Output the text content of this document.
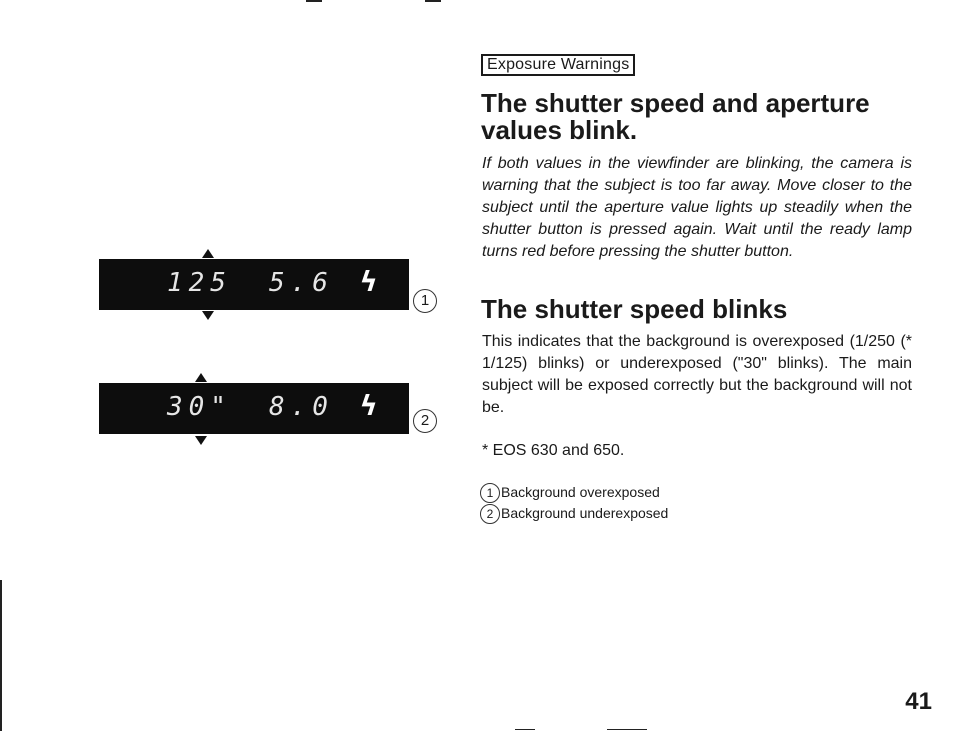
125 5.6 ϟ
1
30" 8.0 ϟ	2
Exposure Warnings
The shutter speed and aperture values blink.

If both values in the viewfinder are blinking, the camera is warning that the subject is too far away. Move closer to the subject until the aperture value lights up steadily when the shutter button is pressed again. Wait until the ready lamp turns red before pressing the shutter button.

The shutter speed blinks

This indicates that the background is overexposed (1/250 (* 1/125) blinks) or underexposed ("30" blinks). The main subject will be exposed correctly but the background will not be.

* EOS 630 and 650.
1 Background overexposed
2 Background underexposed
41
